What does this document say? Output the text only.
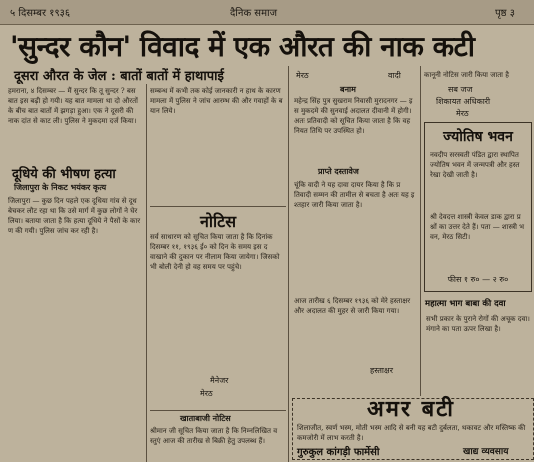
५ दिसम्बर १९३६	दैनिक समाज	पृष्ठ ३
'सुन्दर कौन' विवाद में एक औरत की नाक कटी
दूसरा औरत के जेल : बातों बातों में हाथापाई
हमराना, ४ दिसम्बर — मैं सुन्दर कि तू सुन्दर ? बस बात इस बढ़ी हो गयी। यह बात मामला था दो औरतों के बीच बात बातों में झगड़ा हुआ। एक ने दूसरी की नाक दांत से काट ली। पुलिस ने मुकदमा दर्ज किया।
दूधिये की भीषण हत्या
जिलापुरा के निकट भयंकर कृत्य
जिलापुरा — कुछ दिन पहले एक दूधिया गांव से दूध बेचकर लौट रहा था कि उसे मार्ग में कुछ लोगों ने घेर लिया। बताया जाता है कि हत्या दूधिये ने पैसों के कारण की गयी। पुलिस जांच कर रही है।
सम्बन्ध में कभी तक कोई जानकारी न हाथ के कारण मामला में पुलिस ने जांच आरम्भ की और गवाहों के बयान लिये।
नोटिस
सर्व साधारण को सूचित किया जाता है कि दिनांक दिसम्बर ११, १९३६ ई० को दिन के समय इस दवाखाने की दुकान पर नीलाम किया जायेगा। जिसको भी बोली देनी हो वह समय पर पहुंचे।
मैनेजर
मेरठ
खाताबाजी नोटिस
श्रीमान जी सूचित किया जाता है कि निम्नलिखित वस्तुएं आज की तारीख से बिक्री हेतु उपलब्ध हैं।
मेरठ	वादी
बनाम
महेन्द्र सिंह पुत्र सुखराम निवासी मुरादनगर — इस मुकदमे की सुनवाई अदालत दीवानी में होगी। अतः प्रतिवादी को सूचित किया जाता है कि वह नियत तिथि पर उपस्थित हो।
प्राप्ते दस्तावेज
चूंकि वादी ने यह दावा दायर किया है कि प्रतिवादी सम्मन की तामील से बचता है अतः यह इश्तहार जारी किया जाता है।
आज तारीख ६ दिसम्बर १९३६ को मेरे हस्ताक्षर और अदालत की मुहर से जारी किया गया।
हस्ताक्षर
कानूनी नोटिस जारी किया जाता है
सब जज
शिकायत अधिकारी
मेरठ
ज्योतिष भवन
नवदीप सरस्वती पंडित द्वारा स्थापित ज्योतिष भवन में जन्मपत्री और हस्तरेखा देखी जाती है।
श्री देवदत्त शास्त्री केवल डाक द्वारा प्रश्नों का उत्तर देते हैं। पता — शास्त्री भवन, मेरठ सिटी।
फीस १ रु० — २ रु०
महात्मा भाग बाबा की दवा
सभी प्रकार के पुराने रोगों की अचूक दवा। मंगाने का पता ऊपर लिखा है।
अमर बटी
शिलाजीत, स्वर्ण भस्म, मोती भस्म आदि से बनी यह बटी दुर्बलता, थकावट और मस्तिष्क की कमजोरी में लाभ करती है।
गुरुकुल कांगड़ी फार्मेसी	खाद्य व्यवसाय
